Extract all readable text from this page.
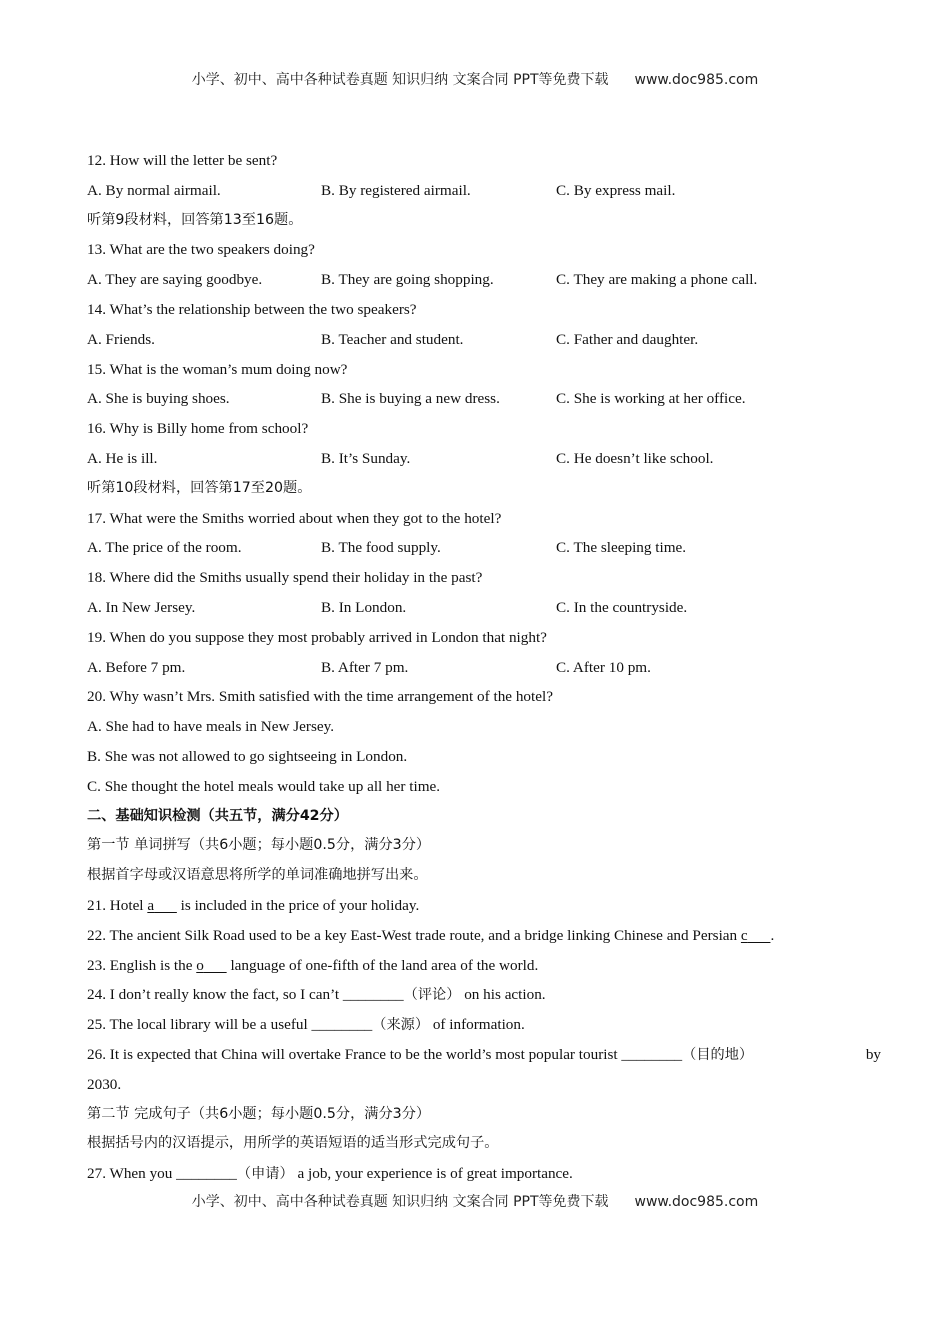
小学、初中、高中各种试卷真题 知识归纳 文案合同 PPT等免费下载 www.doc985.com
12. How will the letter be sent?
A. By normal airmail.	B. By registered airmail.	C. By express mail.
听第9段材料，回答第13至16题。
13. What are the two speakers doing?
A. They are saying goodbye.	B. They are going shopping.	C. They are making a phone call.
14. What’s the relationship between the two speakers?
A. Friends.	B. Teacher and student.	C. Father and daughter.
15. What is the woman’s mum doing now?
A. She is buying shoes.	B. She is buying a new dress.	C. She is working at her office.
16. Why is Billy home from school?
A. He is ill.	B. It’s Sunday.	C. He doesn’t like school.
听第10段材料，回答第17至20题。
17. What were the Smiths worried about when they got to the hotel?
A. The price of the room.	B. The food supply.	C. The sleeping time.
18. Where did the Smiths usually spend their holiday in the past?
A. In New Jersey.	B. In London.	C. In the countryside.
19. When do you suppose they most probably arrived in London that night?
A. Before 7 pm.	B. After 7 pm.	C. After 10 pm.
20. Why wasn’t Mrs. Smith satisfied with the time arrangement of the hotel?
A. She had to have meals in New Jersey.
B. She was not allowed to go sightseeing in London.
C. She thought the hotel meals would take up all her time.
二、基础知识检测（共五节，满分42分）
第一节 单词拼写（共6小题；每小题0.5分，满分3分）
根据首字母或汉语意思将所学的单词准确地拼写出来。
21. Hotel a       is included in the price of your holiday.
22. The ancient Silk Road used to be a key East-West trade route, and a bridge linking Chinese and Persian c .
23. English is the o       language of one-fifth of the land area of the world.
24. I don’t really know the fact, so I can’t ________（评论） on his action.
25. The local library will be a useful ________（来源） of information.
26. It is expected that China will overtake France to be the world’s most popular tourist ________（目的地）	by
2030.
第二节 完成句子（共6小题；每小题0.5分，满分3分）
根据括号内的汉语提示，用所学的英语短语的适当形式完成句子。
27. When you ________（申请） a job, your experience is of great importance.
小学、初中、高中各种试卷真题 知识归纳 文案合同 PPT等免费下载 www.doc985.com
